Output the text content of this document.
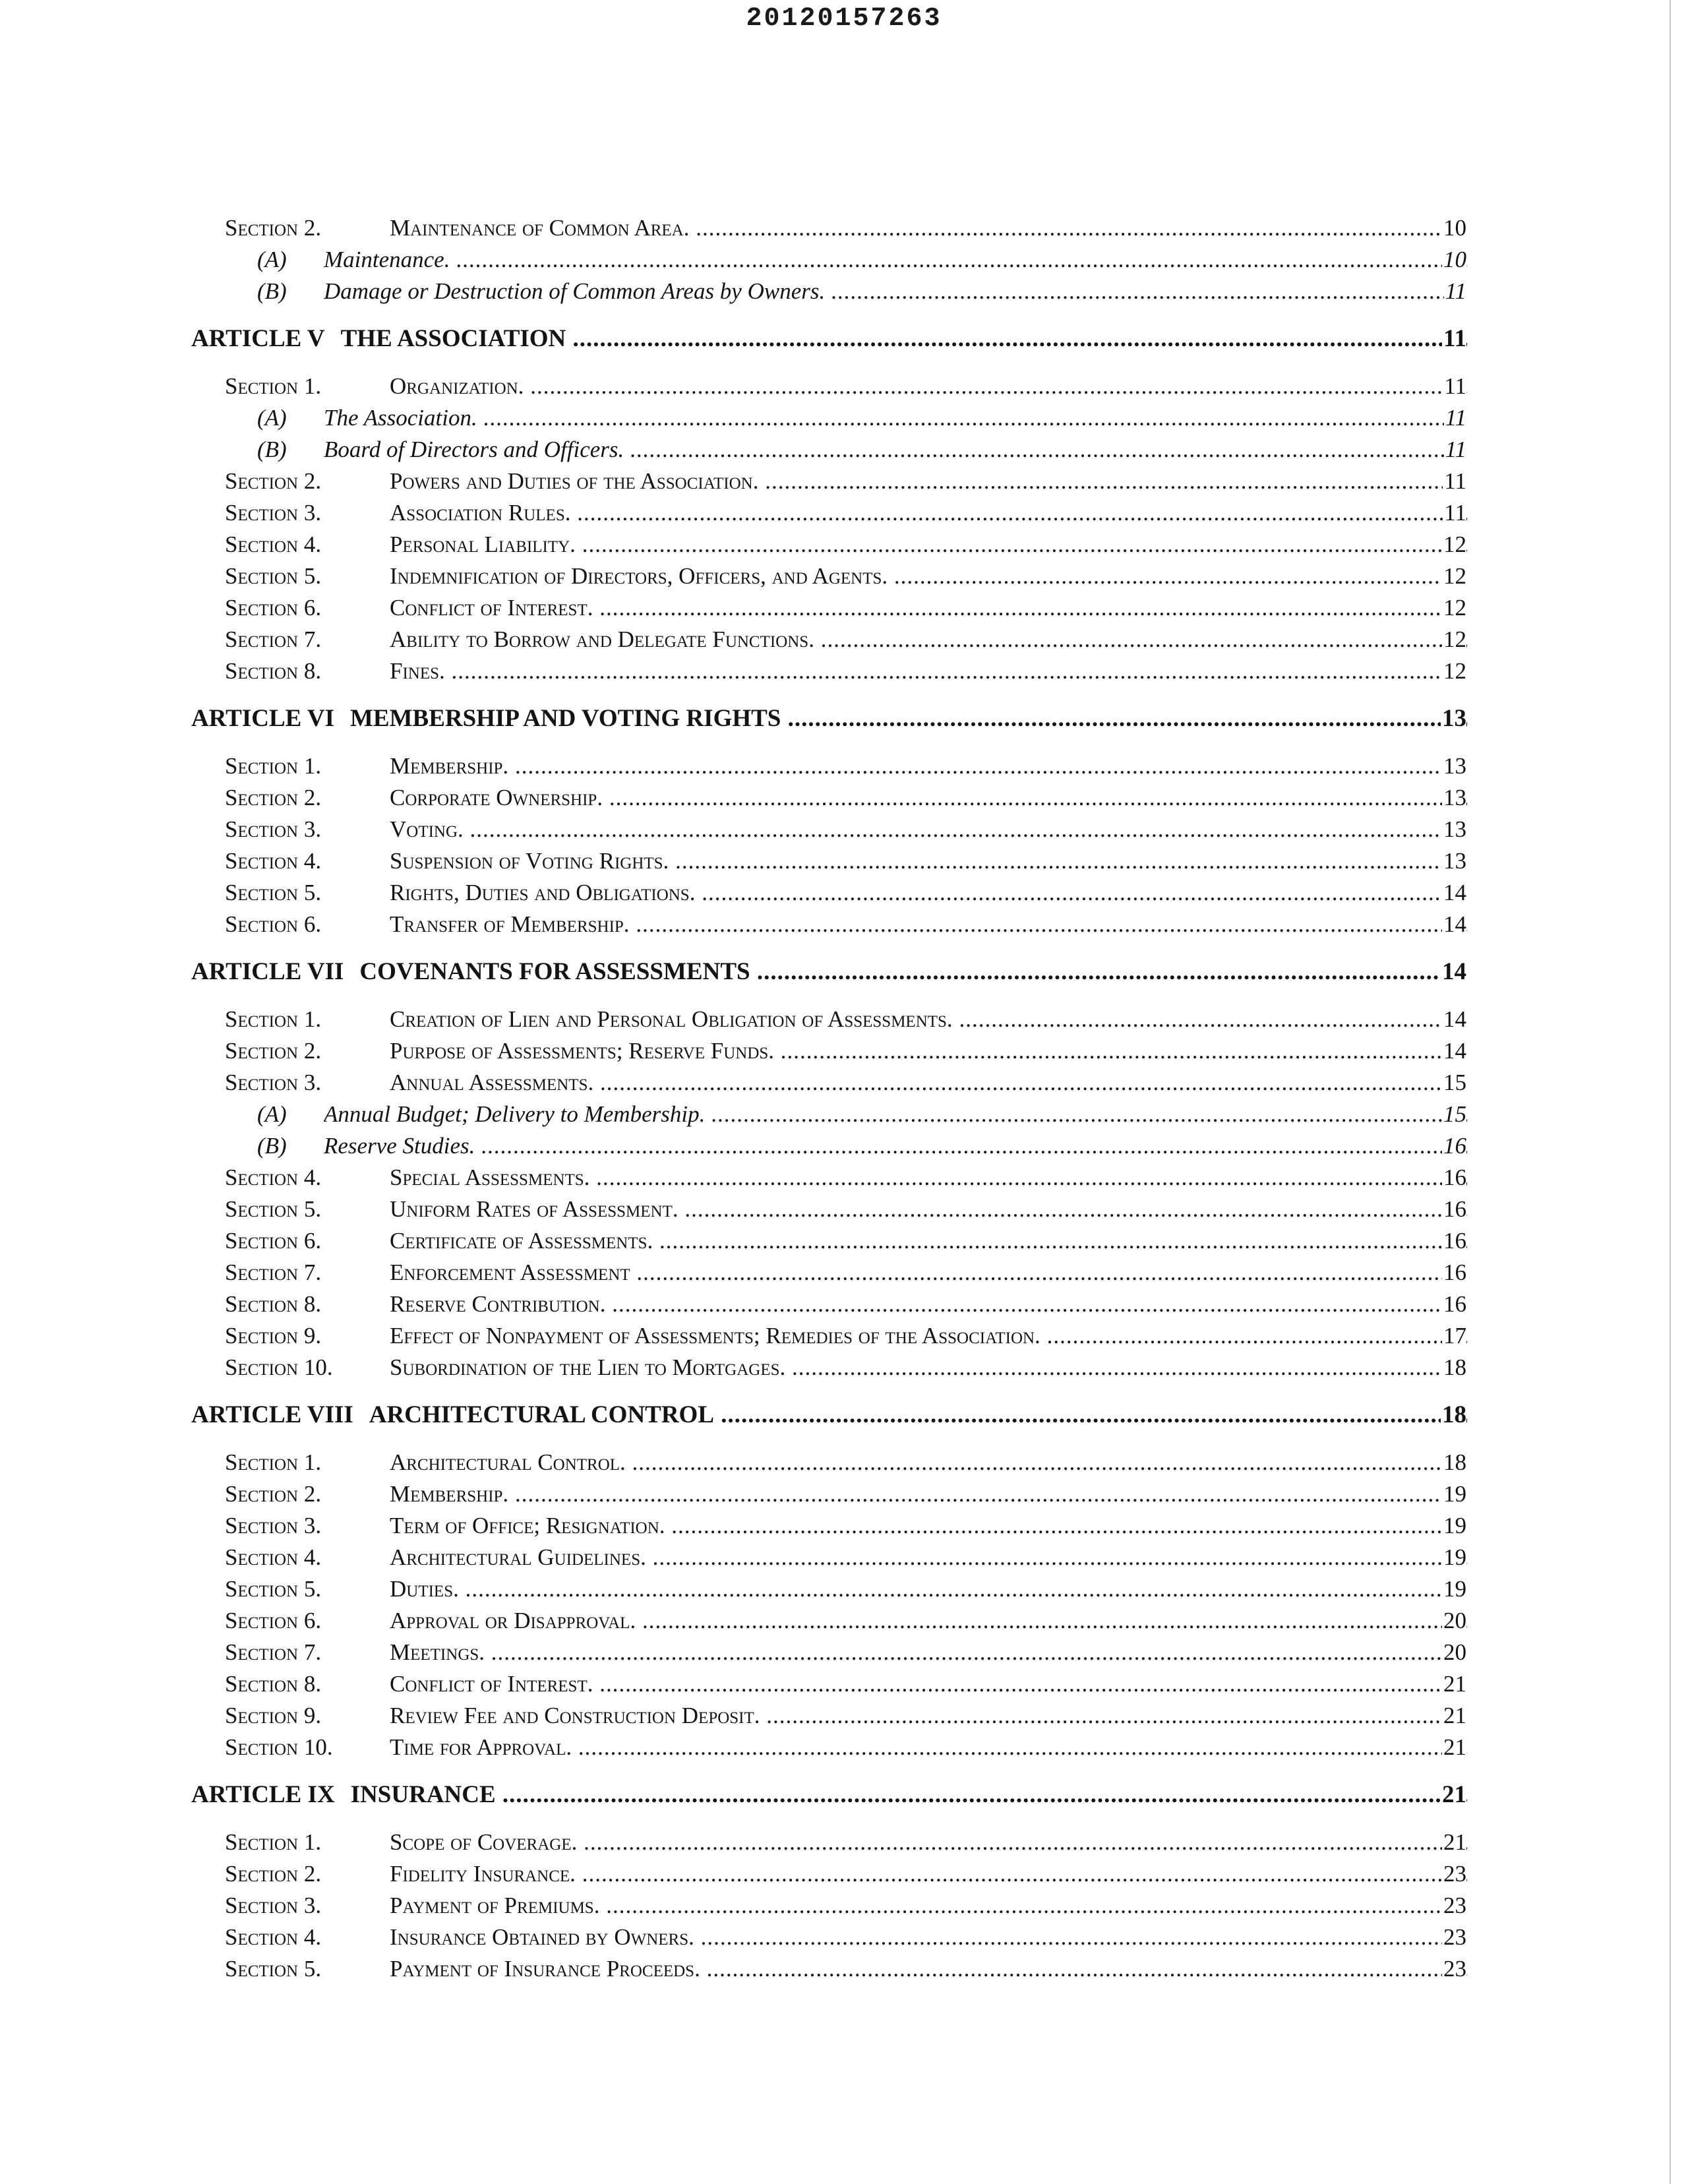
20120157263
Section 2.	Maintenance of Common Area. .....	10
(A) Maintenance. .....	10
(B) Damage or Destruction of Common Areas by Owners. .....	11
ARTICLE V THE ASSOCIATION .....	11
Section 1.	Organization. .....	11
(A) The Association. .....	11
(B) Board of Directors and Officers. .....	11
Section 2.	Powers and Duties of the Association. .....	11
Section 3.	Association Rules. .....	11
Section 4.	Personal Liability. .....	12
Section 5.	Indemnification of Directors, Officers, and Agents. .....	12
Section 6.	Conflict of Interest. .....	12
Section 7.	Ability to Borrow and Delegate Functions. .....	12
Section 8.	Fines. .....	12
ARTICLE VI MEMBERSHIP AND VOTING RIGHTS .....	13
Section 1.	Membership. .....	13
Section 2.	Corporate Ownership. .....	13
Section 3.	Voting. .....	13
Section 4.	Suspension of Voting Rights. .....	13
Section 5.	Rights, Duties and Obligations. .....	14
Section 6.	Transfer of Membership. .....	14
ARTICLE VII COVENANTS FOR ASSESSMENTS .....	14
Section 1.	Creation of Lien and Personal Obligation of Assessments. .....	14
Section 2.	Purpose of Assessments; Reserve Funds. .....	14
Section 3.	Annual Assessments. .....	15
(A) Annual Budget; Delivery to Membership. .....	15
(B) Reserve Studies. .....	16
Section 4.	Special Assessments. .....	16
Section 5.	Uniform Rates of Assessment. .....	16
Section 6.	Certificate of Assessments. .....	16
Section 7.	Enforcement Assessment .....	16
Section 8.	Reserve Contribution. .....	16
Section 9.	Effect of Nonpayment of Assessments; Remedies of the Association. .....	17
Section 10. Subordination of the Lien to Mortgages. .....	18
ARTICLE VIII ARCHITECTURAL CONTROL .....	18
Section 1.	Architectural Control. .....	18
Section 2.	Membership. .....	19
Section 3.	Term of Office; Resignation. .....	19
Section 4.	Architectural Guidelines. .....	19
Section 5.	Duties. .....	19
Section 6.	Approval or Disapproval. .....	20
Section 7.	Meetings. .....	20
Section 8.	Conflict of Interest. .....	21
Section 9.	Review Fee and Construction Deposit. .....	21
Section 10. Time for Approval. .....	21
ARTICLE IX INSURANCE .....	21
Section 1.	Scope of Coverage. .....	21
Section 2.	Fidelity Insurance. .....	23
Section 3.	Payment of Premiums. .....	23
Section 4.	Insurance Obtained by Owners. .....	23
Section 5.	Payment of Insurance Proceeds. .....	23
